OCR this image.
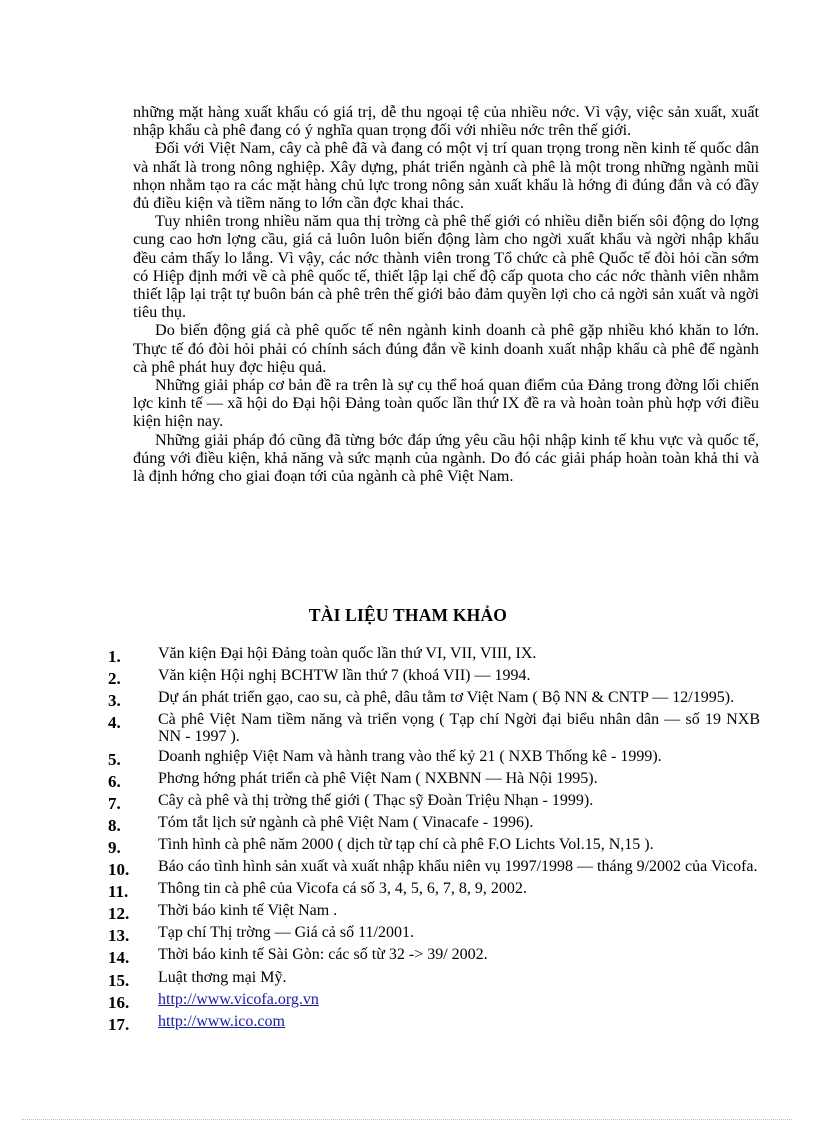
những mặt hàng xuất khẩu có giá trị, dễ thu ngoại tệ của nhiều nớc. Vì vậy, việc sản xuất, xuất nhập khẩu cà phê đang có ý nghĩa quan trọng đối với nhiều nớc trên thế giới.

Đối với Việt Nam, cây cà phê đã và đang có một vị trí quan trọng trong nền kinh tế quốc dân và nhất là trong nông nghiệp. Xây dựng, phát triển ngành cà phê là một trong những ngành mũi nhọn nhằm tạo ra các mặt hàng chủ lực trong nông sản xuất khẩu là hớng đi đúng đắn và có đầy đủ điều kiện và tiềm năng to lớn cần đợc khai thác.

Tuy nhiên trong nhiều năm qua thị trờng cà phê thế giới có nhiều diễn biến sôi động do lợng cung cao hơn lợng cầu, giá cả luôn luôn biến động làm cho ngời xuất khẩu và ngời nhập khẩu đều cảm thấy lo lắng. Vì vậy, các nớc thành viên trong Tổ chức cà phê Quốc tế đòi hỏi cần sớm có Hiệp định mới về cà phê quốc tế, thiết lập lại chế độ cấp quota cho các nớc thành viên nhằm thiết lập lại trật tự buôn bán cà phê trên thế giới bảo đảm quyền lợi cho cả ngời sản xuất và ngời tiêu thụ.

Do biến động giá cà phê quốc tế nên ngành kinh doanh cà phê gặp nhiều khó khăn to lớn. Thực tế đó đòi hỏi phải có chính sách đúng đắn về kinh doanh xuất nhập khẩu cà phê để ngành cà phê phát huy đợc hiệu quả.

Những giải pháp cơ bản đề ra trên là sự cụ thể hoá quan điểm của Đảng trong đờng lối chiến lợc kinh tế — xã hội do Đại hội Đảng toàn quốc lần thứ IX đề ra và hoàn toàn phù hợp với điều kiện hiện nay.

Những giải pháp đó cũng đã từng bớc đáp ứng yêu cầu hội nhập kinh tế khu vực và quốc tế, đúng với điều kiện, khả năng và sức mạnh của ngành. Do đó các giải pháp hoàn toàn khả thi và là định hớng cho giai đoạn tới của ngành cà phê Việt Nam.

TÀI LIỆU THAM KHẢO
1.	Văn kiện Đại hội Đảng toàn quốc lần thứ VI, VII, VIII, IX.
2.	Văn kiện Hội nghị BCHTW lần thứ 7 (khoá VII) — 1994.
3.	Dự án phát triển gạo, cao su, cà phê, dâu tằm tơ Việt Nam ( Bộ NN & CNTP — 12/1995).
4.	Cà phê Việt Nam tiềm năng và triển vọng ( Tạp chí Ngời đại biểu nhân dân — số 19 NXB NN - 1997 ).
5.	Doanh nghiệp Việt Nam và hành trang vào thế kỷ 21 ( NXB Thống kê - 1999).
6.	Phơng hớng phát triển cà phê Việt Nam ( NXBNN — Hà Nội 1995).
7.	Cây cà phê và thị trờng thế giới ( Thạc sỹ Đoàn Triệu Nhạn - 1999).
8.	Tóm tắt lịch sử ngành cà phê Việt Nam ( Vinacafe - 1996).
9.	Tình hình cà phê năm 2000 ( dịch từ tạp chí cà phê F.O Lichts Vol.15, N,15 ).
10.	Báo cáo tình hình sản xuất và xuất nhập khẩu niên vụ 1997/1998 — tháng 9/2002 của Vicofa.
11.	Thông tin cà phê của Vicofa cá số 3, 4, 5, 6, 7, 8, 9, 2002.
12.	Thời báo kinh tế Việt Nam .
13.	Tạp chí Thị trờng — Giá cả số 11/2001.
14.	Thời báo kinh tế Sài Gòn: các số từ 32 -> 39/ 2002.
15.	Luật thơng mại Mỹ.
16.	http://www.vicofa.org.vn
17.	http://www.ico.com
